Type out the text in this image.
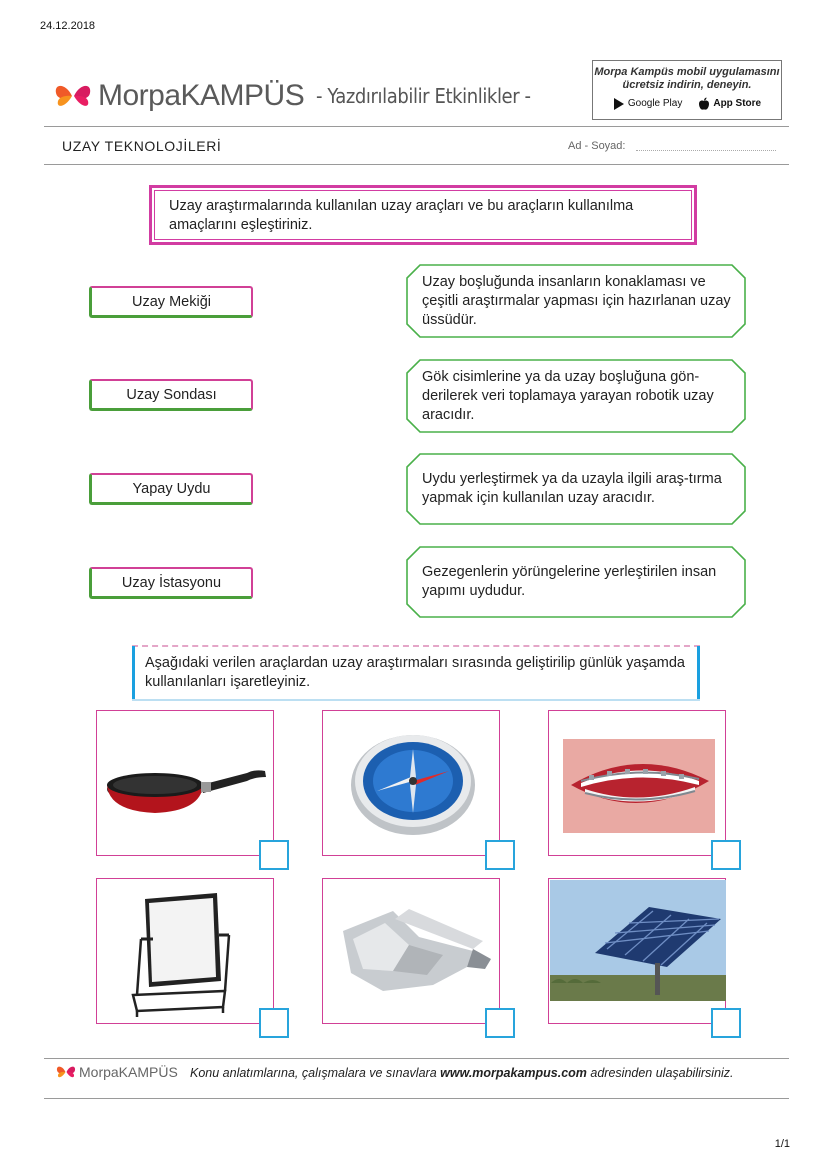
24.12.2018
MorpaKAMPÜS - Yazdırılabilir Etkinlikler -
Morpa Kampüs mobil uygulamasını
ücretsiz indirin, deneyin.
Google Play	App Store
UZAY TEKNOLOJİLERİ	Ad - Soyad:
Uzay araştırmalarında kullanılan uzay araçları ve bu araçların kullanılma amaçlarını eşleştiriniz.
Uzay Mekiği
Uzay Sondası
Yapay Uydu
Uzay İstasyonu
Uzay boşluğunda insanların konaklaması ve çeşitli araştırmalar yapması için hazırlanan uzay üssüdür.
Gök cisimlerine ya da uzay boşluğuna gön-derilerek veri toplamaya yarayan robotik uzay aracıdır.
Uydu yerleştirmek ya da uzayla ilgili araş-tırma yapmak için kullanılan uzay aracıdır.
Gezegenlerin yörüngelerine yerleştirilen insan yapımı uydudur.
Aşağıdaki verilen araçlardan uzay araştırmaları sırasında geliştirilip günlük yaşamda kullanılanları işaretleyiniz.
MorpaKAMPÜS Konu anlatımlarına, çalışmalara ve sınavlara www.morpakampus.com adresinden ulaşabilirsiniz.
1/1
